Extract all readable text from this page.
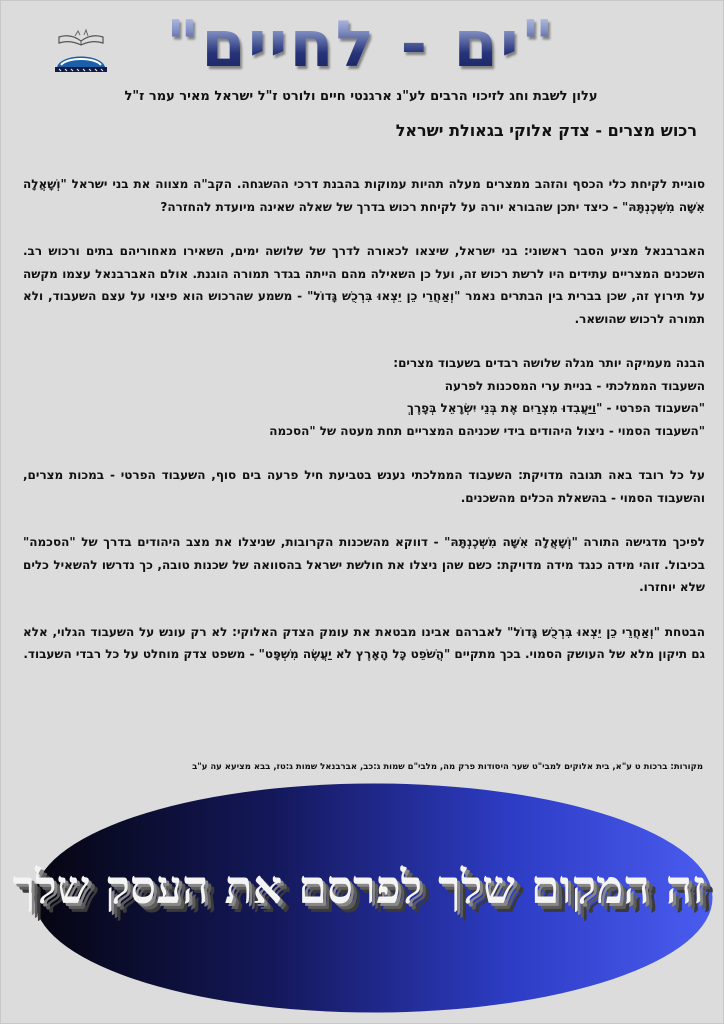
"ים - לחיים"
עלון לשבת וחג לזיכוי הרבים לע"נ ארגנטי חיים ולורט ז"ל ישראל מאיר עמר ז"ל
רכוש מצרים - צדק אלוקי בגאולת ישראל

סוגיית לקיחת כלי הכסף והזהב ממצרים מעלה תהיות עמוקות בהבנת דרכי ההשגחה. הקב"ה מצווה את בני ישראל "וְשָׁאֲלָה אִשָּׁה מִשְּׁכֶנְתָּהּ" - כיצד יתכן שהבורא יורה על לקיחת רכוש בדרך של שאלה שאינה מיועדת להחזרה?

האברבנאל מציע הסבר ראשוני: בני ישראל, שיצאו לכאורה לדרך של שלושה ימים, השאירו מאחוריהם בתים ורכוש רב. השכנים המצריים עתידים היו לרשת רכוש זה, ועל כן השאילה מהם הייתה בגדר תמורה הוגנת. אולם האברבנאל עצמו מקשה על תירוץ זה, שכן בברית בין הבתרים נאמר "וְאַחֲרֵי כֵן יֵצְאוּ בִּרְכֻשׁ גָּדוֹל" - משמע שהרכוש הוא פיצוי על עצם השעבוד, ולא תמורה לרכוש שהושאר.

הבנה מעמיקה יותר מגלה שלושה רבדים בשעבוד מצרים:
השעבוד הממלכתי - בניית ערי המסכנות לפרעה
"השעבוד הפרטי - "וַיַּעֲבִדוּ מִצְרַיִם אֶת בְּנֵי יִשְׂרָאֵל בְּפָרֶךְ
"השעבוד הסמוי - ניצול היהודים בידי שכניהם המצריים תחת מעטה של "הסכמה

על כל רובד באה תגובה מדויקת: השעבוד הממלכתי נענש בטביעת חיל פרעה בים סוף, השעבוד הפרטי - במכות מצרים, והשעבוד הסמוי - בהשאלת הכלים מהשכנים.

לפיכך מדגישה התורה "וְשָׁאֲלָה אִשָּׁה מִשְּׁכֶנְתָּהּ" - דווקא מהשכנות הקרובות, שניצלו את מצב היהודים בדרך של "הסכמה" בכיבול. זוהי מידה כנגד מידה מדויקת: כשם שהן ניצלו את חולשת ישראל בהסוואה של שכנות טובה, כך נדרשו להשאיל כלים שלא יוחזרו.

הבטחת "וְאַחֲרֵי כֵן יֵצְאוּ בִּרְכֻשׁ גָּדוֹל" לאברהם אבינו מבטאת את עומק הצדק האלוקי: לא רק עונש על השעבוד הגלוי, אלא גם תיקון מלא של העושק הסמוי. בכך מתקיים "הֲשֹׁפֵט כָּל הָאָרֶץ לֹא יַעֲשֶׂה מִשְׁפָּט" - משפט צדק מוחלט על כל רבדי השעבוד.

מקורות: ברכות ט ע"א, בית אלוקים למבי"ט שער היסודות פרק מה, מלבי"ם שמות ג:כב, אברבנאל שמות ג:טז, בבא מציעא עה ע"ב
זה המקום שלך לפרסם את העסק שלך
